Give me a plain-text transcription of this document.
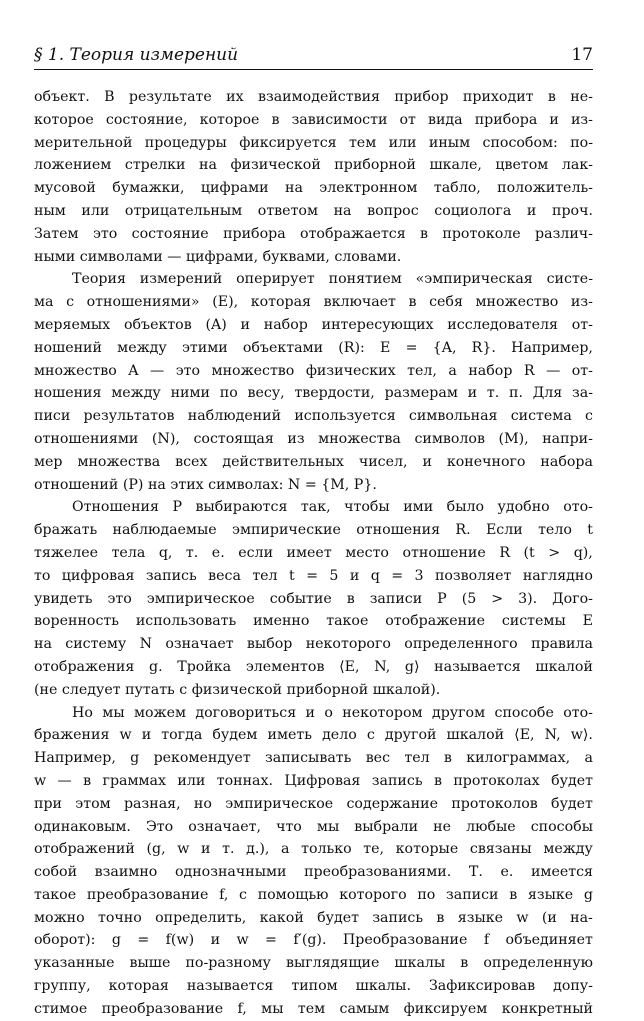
§ 1. Теория измерений	17
объект. В результате их взаимодействия прибор приходит в не-
которое состояние, которое в зависимости от вида прибора и из-
мерительной процедуры фиксируется тем или иным способом: по-
ложением стрелки на физической приборной шкале, цветом лак-
мусовой бумажки, цифрами на электронном табло, положитель-
ным или отрицательным ответом на вопрос социолога и проч.
Затем это состояние прибора отображается в протоколе различ-
ными символами — цифрами, буквами, словами.
Теория измерений оперирует понятием «эмпирическая систе-
ма с отношениями» (E), которая включает в себя множество из-
меряемых объектов (A) и набор интересующих исследователя от-
ношений между этими объектами (R): E = {A, R}. Например,
множество A — это множество физических тел, а набор R — от-
ношения между ними по весу, твердости, размерам и т. п. Для за-
писи результатов наблюдений используется символьная система с
отношениями (N), состоящая из множества символов (M), напри-
мер множества всех действительных чисел, и конечного набора
отношений (P) на этих символах: N = {M, P}.
Отношения P выбираются так, чтобы ими было удобно ото-
бражать наблюдаемые эмпирические отношения R. Если тело t
тяжелее тела q, т. е. если имеет место отношение R (t > q),
то цифровая запись веса тел t = 5 и q = 3 позволяет наглядно
увидеть это эмпирическое событие в записи P (5 > 3). Дого-
воренность использовать именно такое отображение системы E
на систему N означает выбор некоторого определенного правила
отображения g. Тройка элементов ⟨E, N, g⟩ называется шкалой
(не следует путать с физической приборной шкалой).
Но мы можем договориться и о некотором другом способе ото-
бражения w и тогда будем иметь дело с другой шкалой ⟨E, N, w⟩.
Например, g рекомендует записывать вес тел в килограммах, а
w — в граммах или тоннах. Цифровая запись в протоколах будет
при этом разная, но эмпирическое содержание протоколов будет
одинаковым. Это означает, что мы выбрали не любые способы
отображений (g, w и т. д.), а только те, которые связаны между
собой взаимно однозначными преобразованиями. Т. е. имеется
такое преобразование f, с помощью которого по записи в языке g
можно точно определить, какой будет запись в языке w (и на-
оборот): g = f(w) и w = f′(g). Преобразование f объединяет
указанные выше по-разному выглядящие шкалы в определенную
группу, которая называется типом шкалы. Зафиксировав допу-
стимое преобразование f, мы тем самым фиксируем конкретный
